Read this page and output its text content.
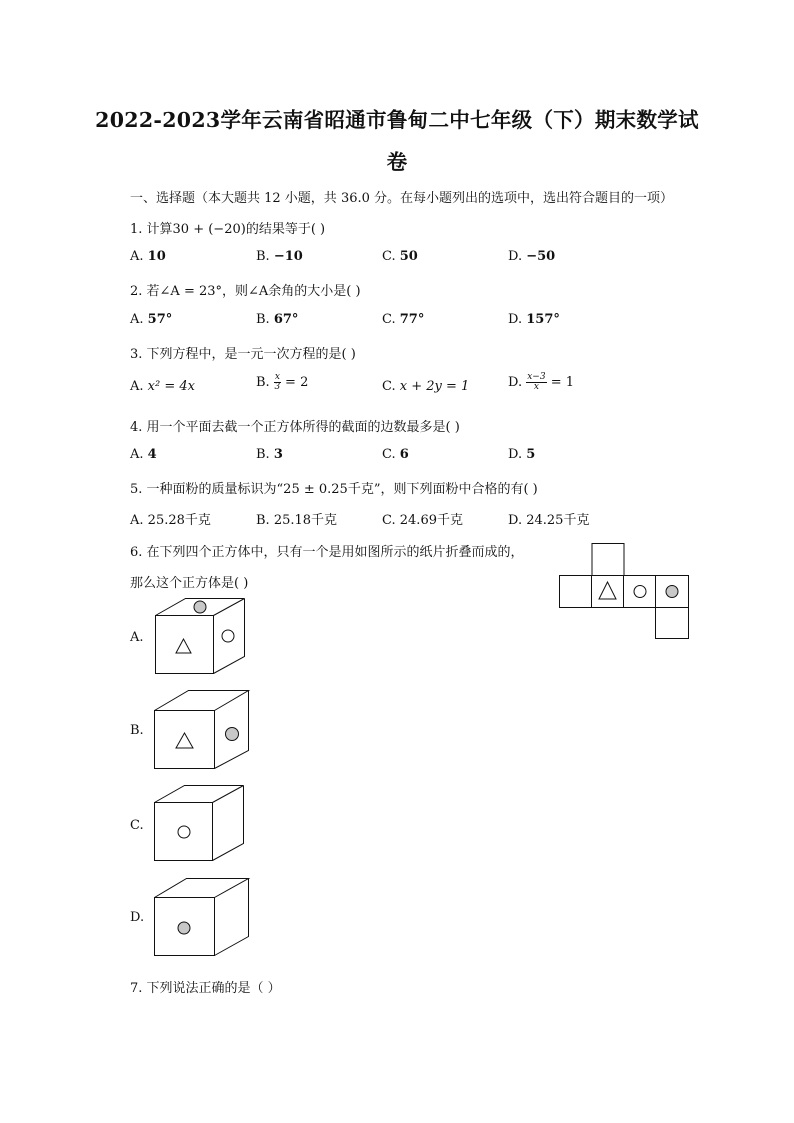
2022-2023学年云南省昭通市鲁甸二中七年级（下）期末数学试
卷
一、选择题（本大题共 12 小题，共 36.0 分。在每小题列出的选项中，选出符合题目的一项）
1. 计算30 + (−20)的结果等于( )
A. 10	B. −10	C. 50	D. −50
2. 若∠A = 23°，则∠A余角的大小是( )
A. 57°	B. 67°	C. 77°	D. 157°
3. 下列方程中，是一元一次方程的是( )
A. x² = 4x	B. $\frac{x}{3} = 2$	C. x + 2y = 1	D. $\frac{x-3}{x} = 1$
4. 用一个平面去截一个正方体所得的截面的边数最多是( )
A. 4	B. 3	C. 6	D. 5
5. 一种面粉的质量标识为“25 ± 0.25千克”，则下列面粉中合格的有( )
A. 25.28千克	B. 25.18千克	C. 24.69千克	D. 24.25千克
6. 在下列四个正方体中，只有一个是用如图所示的纸片折叠而成的，
那么这个正方体是( )
A.
B.
C.
D.
7. 下列说法正确的是（ ）
